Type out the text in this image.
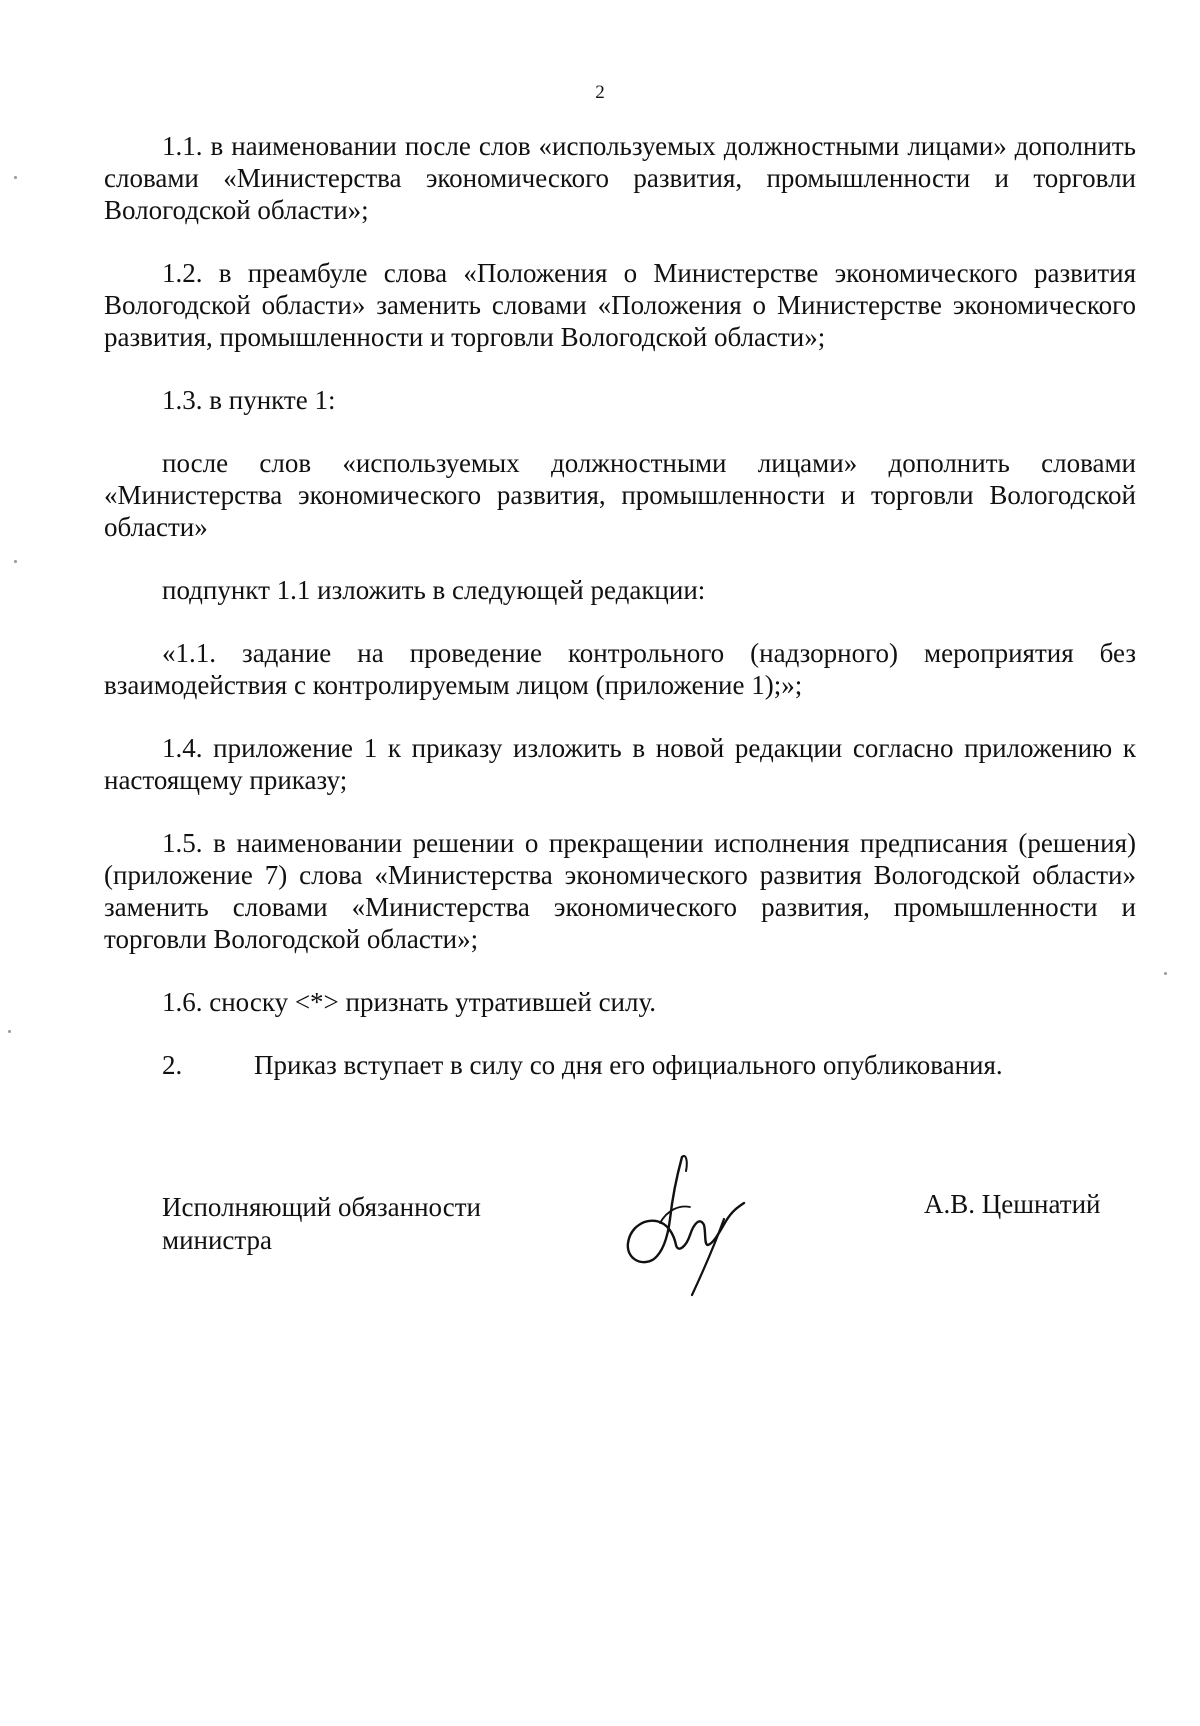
2

1.1. в наименовании после слов «используемых должностными лицами» дополнить словами «Министерства экономического развития, промышленности и торговли Вологодской области»;

1.2. в преамбуле слова «Положения о Министерстве экономического развития Вологодской области» заменить словами «Положения о Министерстве экономического развития, промышленности и торговли Вологодской области»;

1.3. в пункте 1:

после слов «используемых должностными лицами» дополнить словами «Министерства экономического развития, промышленности и торговли Вологодской области»

подпункт 1.1 изложить в следующей редакции:

«1.1. задание на проведение контрольного (надзорного) мероприятия без взаимодействия с контролируемым лицом (приложение 1);»;

1.4. приложение 1 к приказу изложить в новой редакции согласно приложению к настоящему приказу;

1.5. в наименовании решении о прекращении исполнения предписания (решения) (приложение 7) слова «Министерства экономического развития Вологодской области» заменить словами «Министерства экономического развития, промышленности и торговли Вологодской области»;

1.6. сноску <*> признать утратившей силу.

2.	Приказ вступает в силу со дня его официального опубликования.

Исполняющий обязанности
министра
А.В. Цешнатий
